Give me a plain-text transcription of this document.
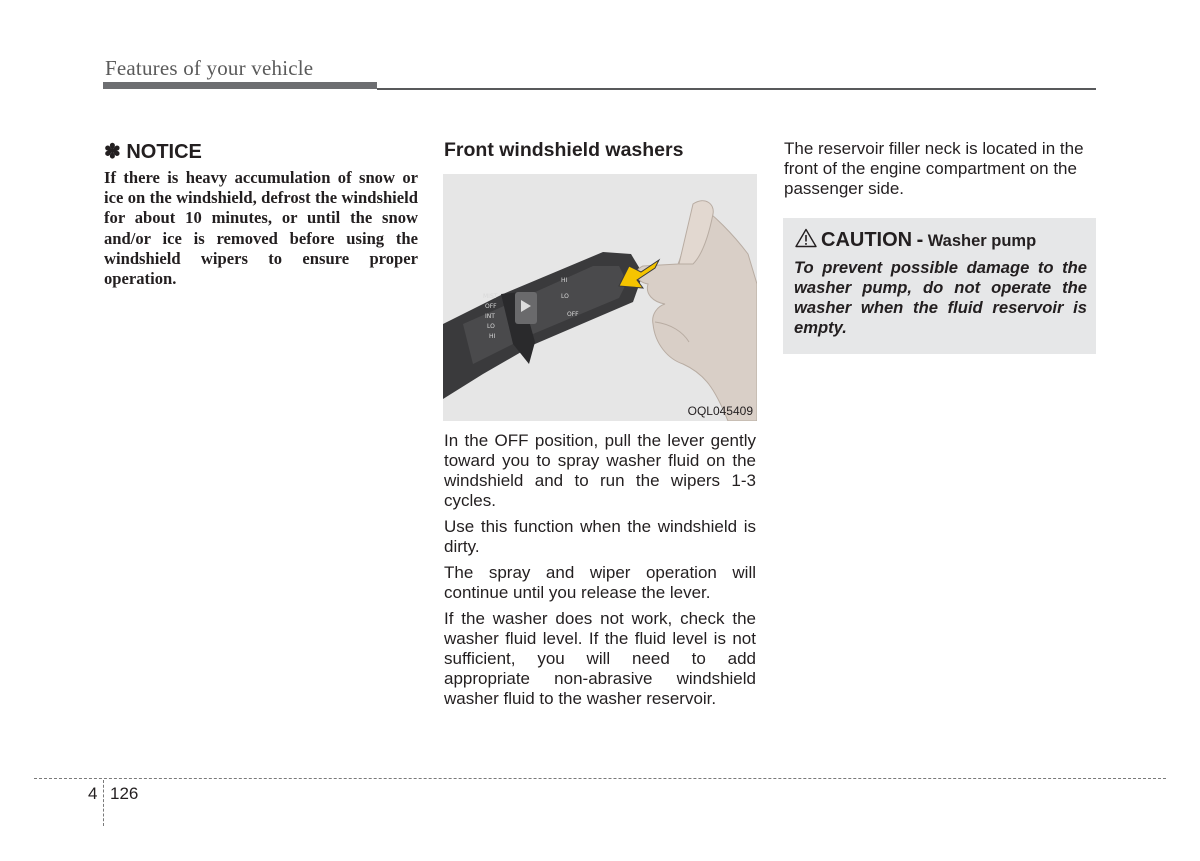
Features of your vehicle
✽ NOTICE
If there is heavy accumulation of snow or ice on the windshield, defrost the windshield for about 10 minutes, or until the snow and/or ice is removed before using the windshield wipers to ensure proper operation.
Front windshield washers
MIST
OFF
INT
LO
HI
HI
LO
OFF
OQL045409
In the OFF position, pull the lever gently toward you to spray washer fluid on the windshield and to run the wipers 1-3 cycles.
Use this function when the windshield is dirty.
The spray and wiper operation will continue until you release the lever.
If the washer does not work, check the washer fluid level. If the fluid level is not sufficient, you will need to add appropriate non-abrasive windshield washer fluid to the washer reservoir.
The reservoir filler neck is located in the front of the engine compartment on the passenger side.
CAUTION - Washer pump
To prevent possible damage to the washer pump, do not operate the washer when the fluid reservoir is empty.
4 126
